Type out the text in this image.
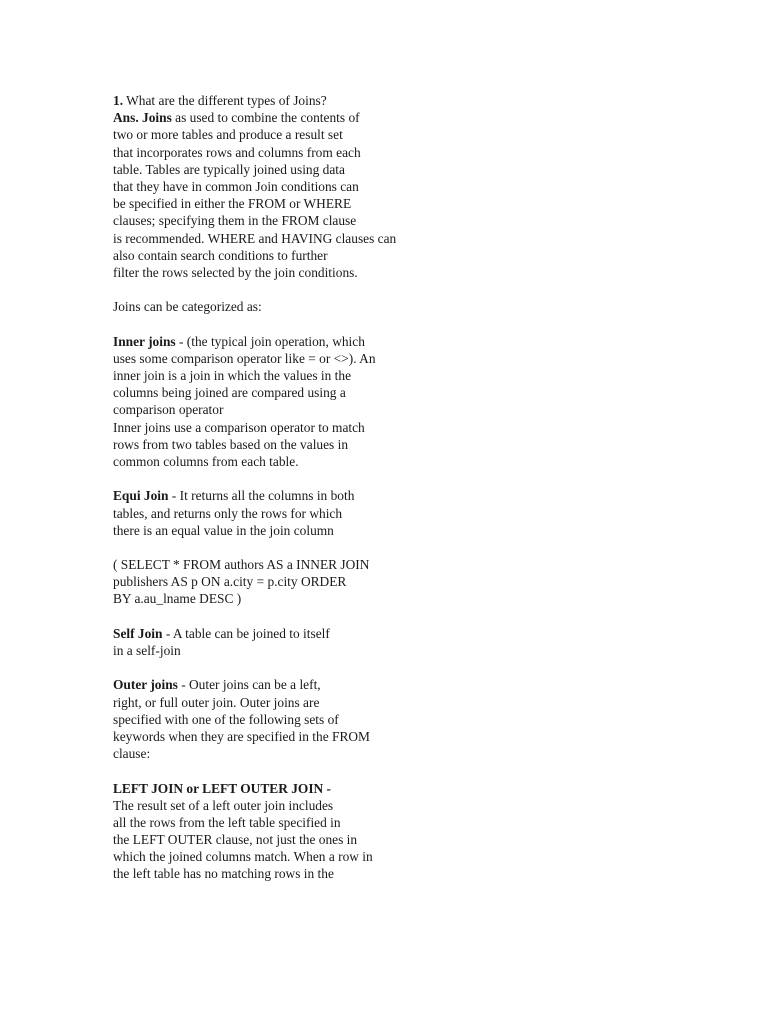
1. What are the different types of Joins?
Ans. Joins as used to combine the contents of
two or more tables and produce a result set
that incorporates rows and columns from each
table. Tables are typically joined using data
that they have in common Join conditions can
be specified in either the FROM or WHERE
clauses; specifying them in the FROM clause
is recommended. WHERE and HAVING clauses can
also contain search conditions to further
filter the rows selected by the join conditions.
Joins can be categorized as:
Inner joins - (the typical join operation, which
uses some comparison operator like = or <>). An
inner join is a join in which the values in the
columns being joined are compared using a
comparison operator
Inner joins use a comparison operator to match
rows from two tables based on the values in
common columns from each table.
Equi Join - It returns all the columns in both
tables, and returns only the rows for which
there is an equal value in the join column
( SELECT * FROM authors AS a INNER JOIN
publishers AS p ON a.city = p.city ORDER
BY a.au_lname DESC )
Self Join - A table can be joined to itself
in a self-join
Outer joins - Outer joins can be a left,
right, or full outer join. Outer joins are
specified with one of the following sets of
keywords when they are specified in the FROM
clause:
LEFT JOIN or LEFT OUTER JOIN -
The result set of a left outer join includes
all the rows from the left table specified in
the LEFT OUTER clause, not just the ones in
which the joined columns match. When a row in
the left table has no matching rows in the
